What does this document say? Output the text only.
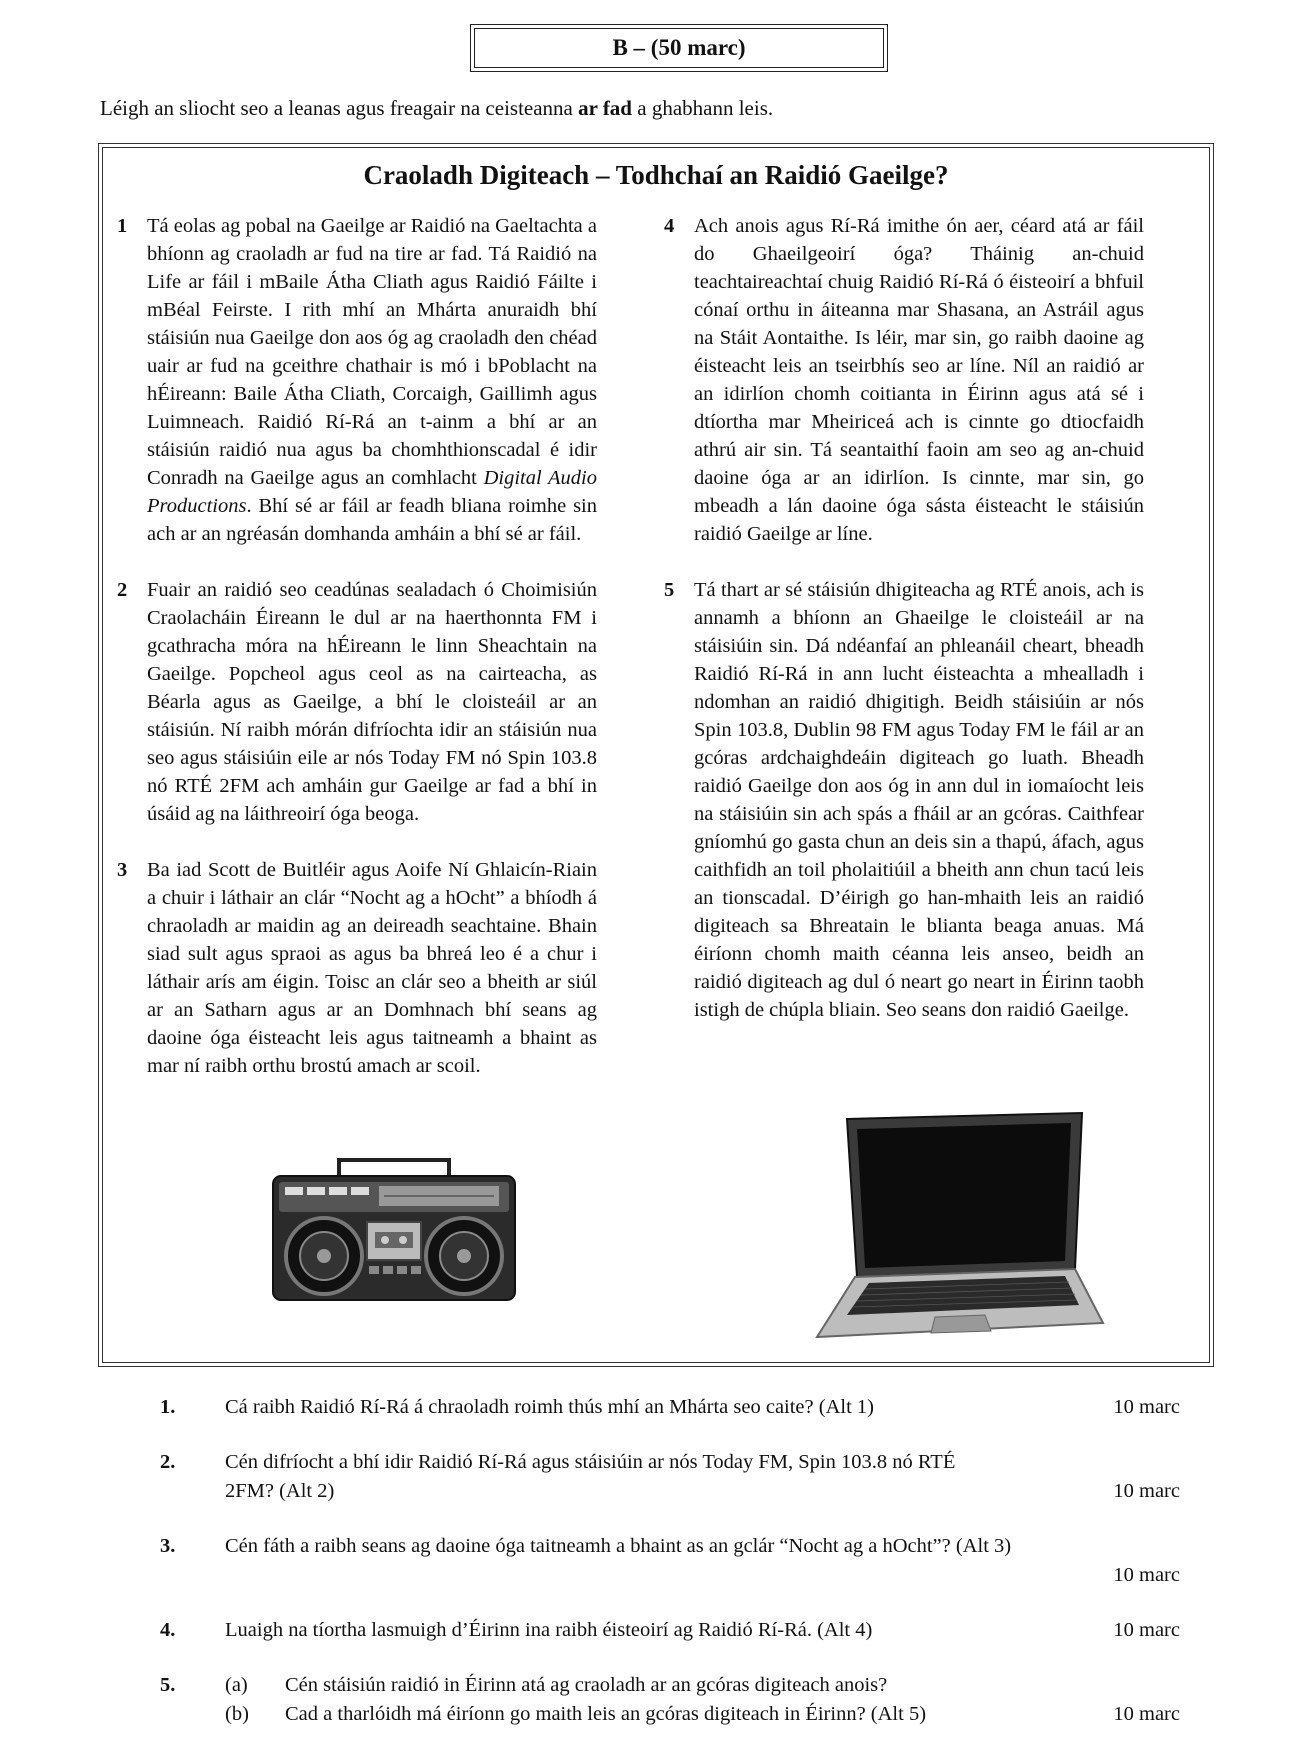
B – (50 marc)
Léigh an sliocht seo a leanas agus freagair na ceisteanna ar fad a ghabhann leis.
Craoladh Digiteach – Todhchaí an Raidió Gaeilge?
1 Tá eolas ag pobal na Gaeilge ar Raidió na Gaeltachta a bhíonn ag craoladh ar fud na tire ar fad. Tá Raidió na Life ar fáil i mBaile Átha Cliath agus Raidió Fáilte i mBéal Feirste. I rith mhí an Mhárta anuraidh bhí stáisiún nua Gaeilge don aos óg ag craoladh den chéad uair ar fud na gceithre chathair is mó i bPoblacht na hÉireann: Baile Átha Cliath, Corcaigh, Gaillimh agus Luimneach. Raidió Rí-Rá an t-ainm a bhí ar an stáisiún raidió nua agus ba chomhthionscadal é idir Conradh na Gaeilge agus an comhlacht Digital Audio Productions. Bhí sé ar fáil ar feadh bliana roimhe sin ach ar an ngréasán domhanda amháin a bhí sé ar fáil.
2 Fuair an raidió seo ceadúnas sealadach ó Choimisiún Craolacháin Éireann le dul ar na haerthonnta FM i gcathracha móra na hÉireann le linn Sheachtain na Gaeilge. Popcheol agus ceol as na cairteacha, as Béarla agus as Gaeilge, a bhí le cloisteáil ar an stáisiún. Ní raibh mórán difríochta idir an stáisiún nua seo agus stáisiúin eile ar nós Today FM nó Spin 103.8 nó RTÉ 2FM ach amháin gur Gaeilge ar fad a bhí in úsáid ag na láithreoirí óga beoga.
3 Ba iad Scott de Buitléir agus Aoife Ní Ghlaicín-Riain a chuir i láthair an clár “Nocht ag a hOcht” a bhíodh á chraoladh ar maidin ag an deireadh seachtaine. Bhain siad sult agus spraoi as agus ba bhreá leo é a chur i láthair arís am éigin. Toisc an clár seo a bheith ar siúl ar an Satharn agus ar an Domhnach bhí seans ag daoine óga éisteacht leis agus taitneamh a bhaint as mar ní raibh orthu brostú amach ar scoil.
4 Ach anois agus Rí-Rá imithe ón aer, céard atá ar fáil do Ghaeilgeoirí óga? Tháinig an-chuid teachtaireachtaí chuig Raidió Rí-Rá ó éisteoirí a bhfuil cónaí orthu in áiteanna mar Shasana, an Astráil agus na Stáit Aontaithe. Is léir, mar sin, go raibh daoine ag éisteacht leis an tseirbhís seo ar líne. Níl an raidió ar an idirlíon chomh coitianta in Éirinn agus atá sé i dtíortha mar Mheiriceá ach is cinnte go dtiocfaidh athrú air sin. Tá seantaithí faoin am seo ag an-chuid daoine óga ar an idirlíon. Is cinnte, mar sin, go mbeadh a lán daoine óga sásta éisteacht le stáisiún raidió Gaeilge ar líne.
5 Tá thart ar sé stáisiún dhigiteacha ag RTÉ anois, ach is annamh a bhíonn an Ghaeilge le cloisteáil ar na stáisiúin sin. Dá ndéanfaí an phleanáil cheart, bheadh Raidió Rí-Rá in ann lucht éisteachta a mhealladh i ndomhan an raidió dhigitigh. Beidh stáisiúin ar nós Spin 103.8, Dublin 98 FM agus Today FM le fáil ar an gcóras ardchaighdeáin digiteach go luath. Bheadh raidió Gaeilge don aos óg in ann dul in iomaíocht leis na stáisiúin sin ach spás a fháil ar an gcóras. Caithfear gníomhú go gasta chun an deis sin a thapú, áfach, agus caithfidh an toil pholaitiúil a bheith ann chun tacú leis an tionscadal. D’éirigh go han-mhaith leis an raidió digiteach sa Bhreatain le blianta beaga anuas. Má éiríonn chomh maith céanna leis anseo, beidh an raidió digiteach ag dul ó neart go neart in Éirinn taobh istigh de chúpla bliain. Seo seans don raidió Gaeilge.
1. Cá raibh Raidió Rí-Rá á chraoladh roimh thús mhí an Mhárta seo caite? (Alt 1)	10 marc
2. Cén difríocht a bhí idir Raidió Rí-Rá agus stáisiúin ar nós Today FM, Spin 103.8 nó RTÉ 2FM? (Alt 2)	10 marc
3. Cén fáth a raibh seans ag daoine óga taitneamh a bhaint as an gclár “Nocht ag a hOcht”? (Alt 3)
10 marc
4. Luaigh na tíortha lasmuigh d’Éirinn ina raibh éisteoirí ag Raidió Rí-Rá. (Alt 4)	10 marc
5. (a)	Cén stáisiún raidió in Éirinn atá ag craoladh ar an gcóras digiteach anois?
(b)	Cad a tharlóidh má éiríonn go maith leis an gcóras digiteach in Éirinn? (Alt 5)	10 marc
